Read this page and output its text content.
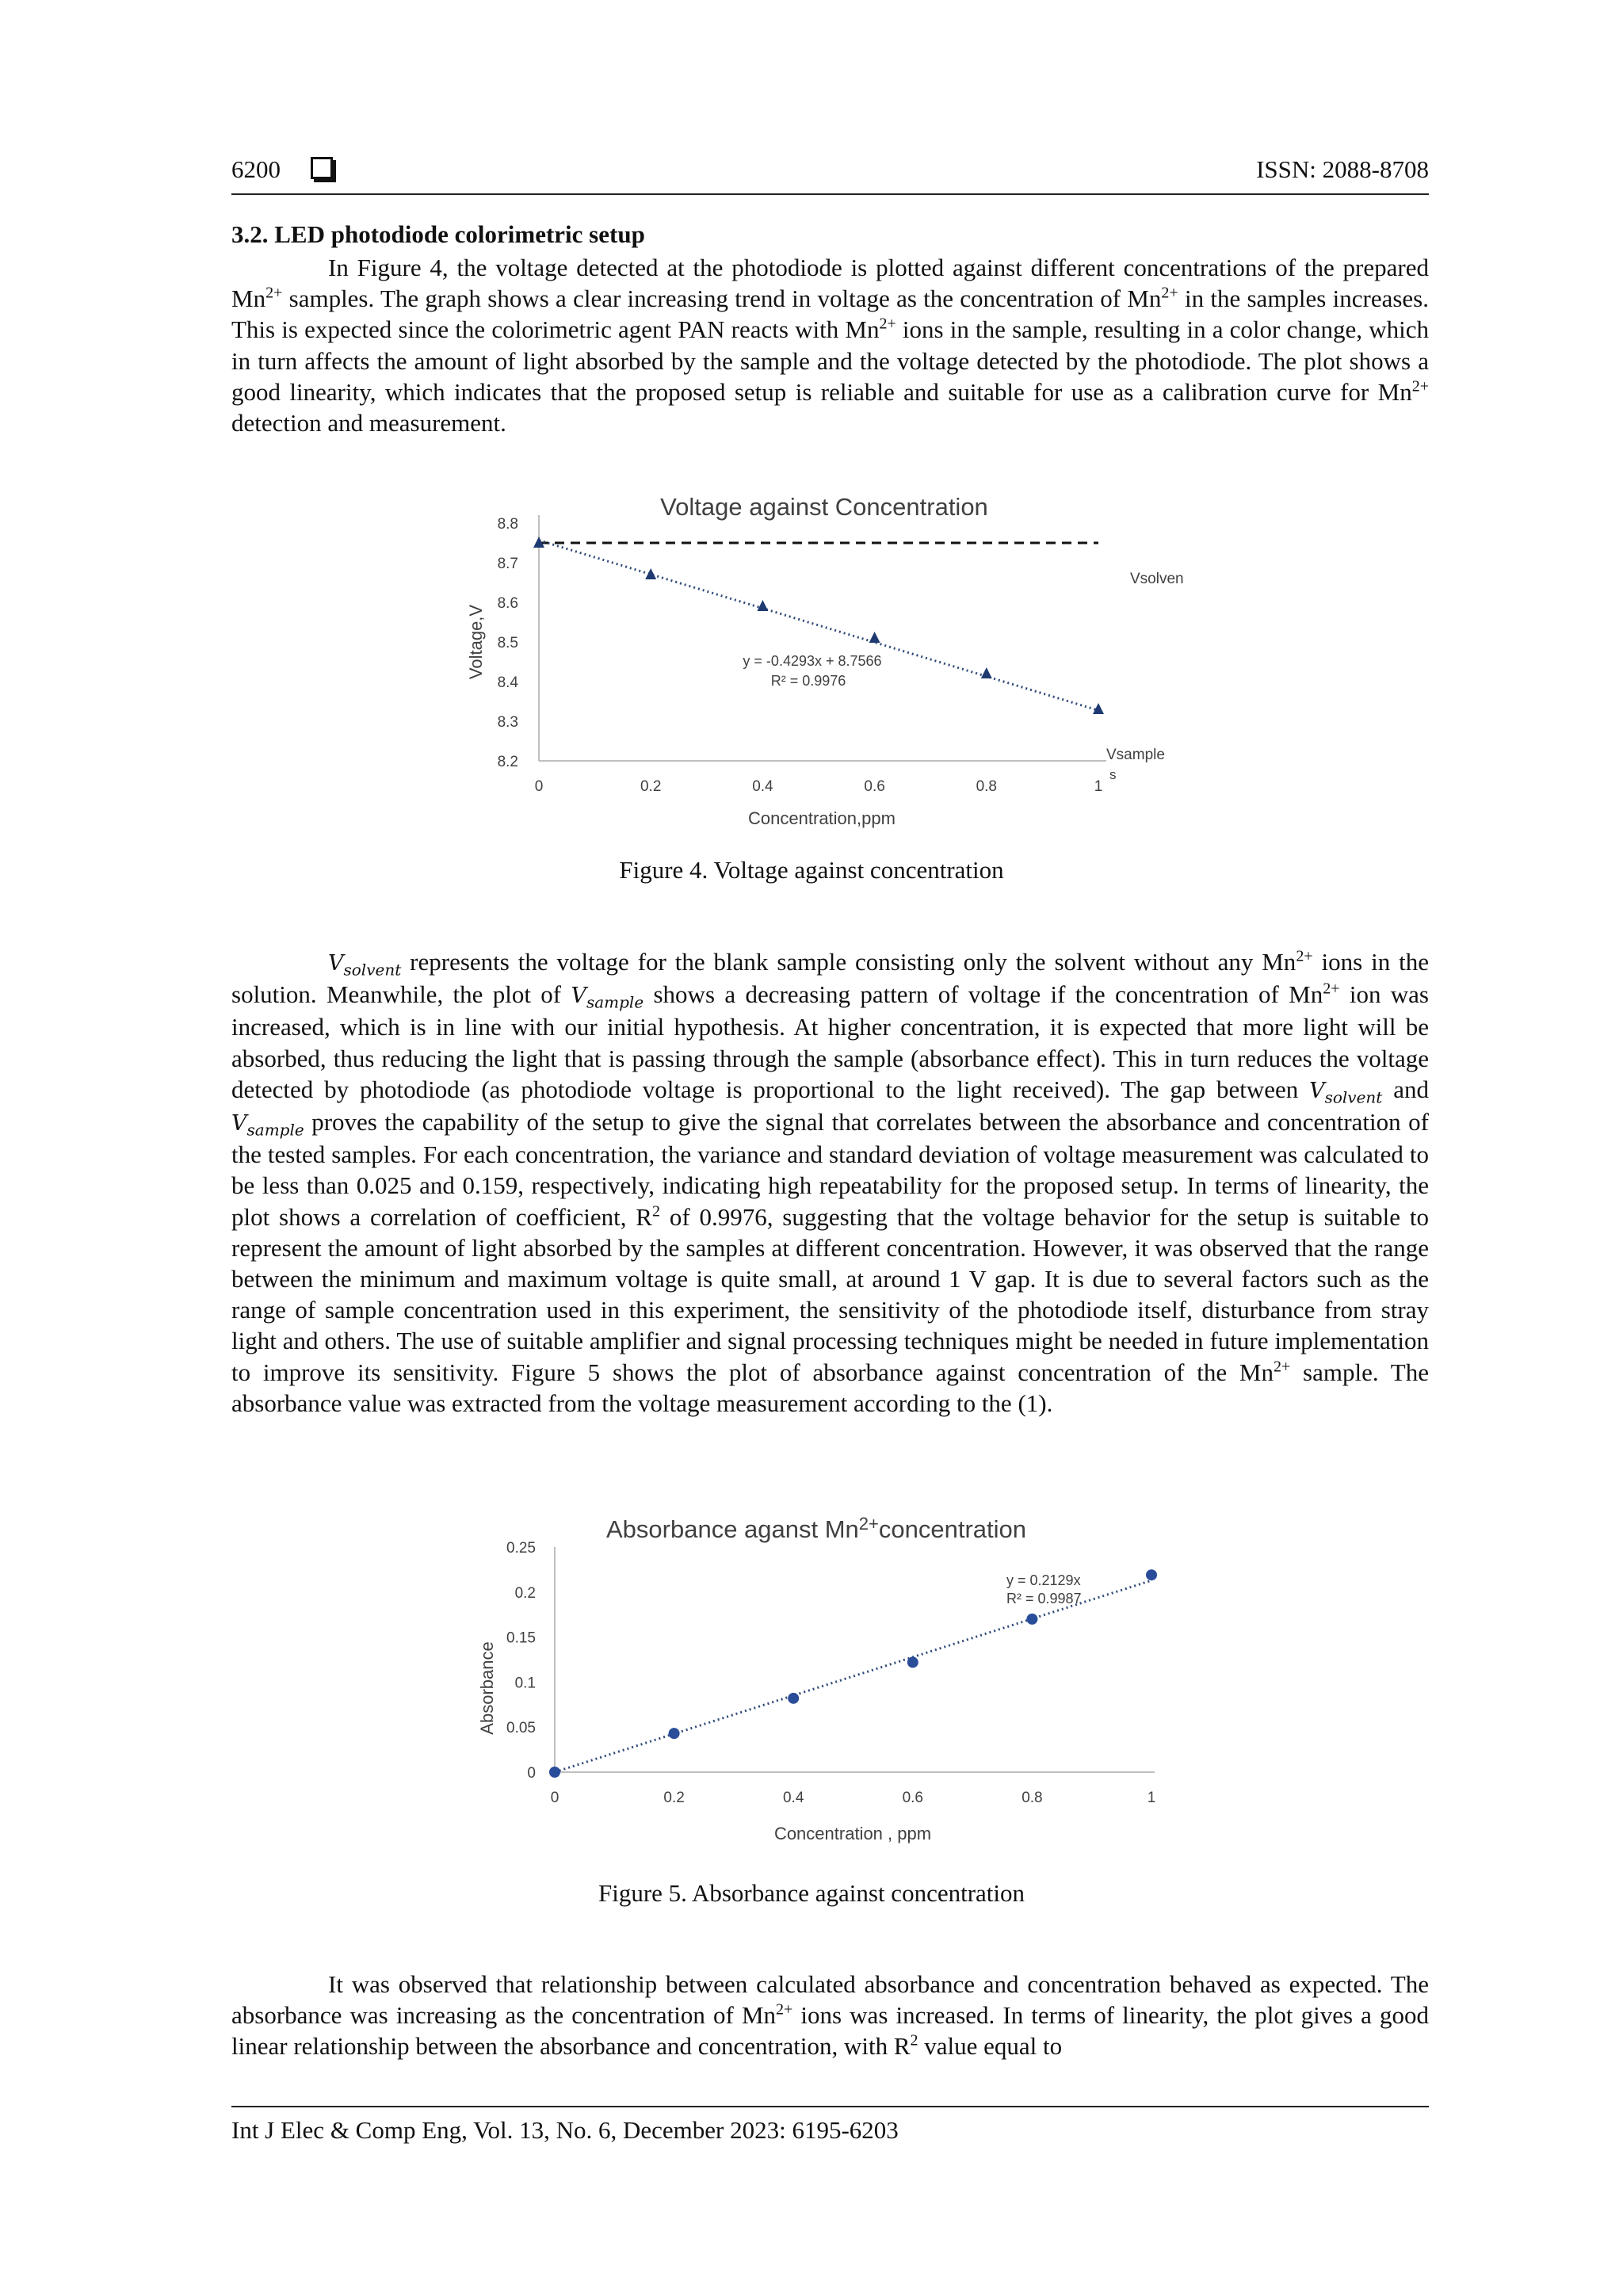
6200	ISSN: 2088-8708
3.2. LED photodiode colorimetric setup

In Figure 4, the voltage detected at the photodiode is plotted against different concentrations of the prepared $Mn^{2+}$ samples. The graph shows a clear increasing trend in voltage as the concentration of $Mn^{2+}$ in the samples increases. This is expected since the colorimetric agent PAN reacts with $Mn^{2+}$ ions in the sample, resulting in a color change, which in turn affects the amount of light absorbed by the sample and the voltage detected by the photodiode. The plot shows a good linearity, which indicates that the proposed setup is reliable and suitable for use as a calibration curve for $Mn^{2+}$ detection and measurement.

Voltage against Concentration
8.2
8.3
8.4
8.5
8.6
8.7
8.8
0	0.2	0.4	0.6	0.8	1
y = -0.4293x + 8.7566
R² = 0.9976
Vsolven
Vsample
s
Concentration,ppm
Voltage,V
Figure 4. Voltage against concentration

$V_{solvent}$ represents the voltage for the blank sample consisting only the solvent without any $Mn^{2+}$ ions in the solution. Meanwhile, the plot of $V_{sample}$ shows a decreasing pattern of voltage if the concentration of $Mn^{2+}$ ion was increased, which is in line with our initial hypothesis. At higher concentration, it is expected that more light will be absorbed, thus reducing the light that is passing through the sample (absorbance effect). This in turn reduces the voltage detected by photodiode (as photodiode voltage is proportional to the light received). The gap between $V_{solvent}$ and $V_{sample}$ proves the capability of the setup to give the signal that correlates between the absorbance and concentration of the tested samples. For each concentration, the variance and standard deviation of voltage measurement was calculated to be less than 0.025 and 0.159, respectively, indicating high repeatability for the proposed setup. In terms of linearity, the plot shows a correlation of coefficient, $R^2$ of 0.9976, suggesting that the voltage behavior for the setup is suitable to represent the amount of light absorbed by the samples at different concentration. However, it was observed that the range between the minimum and maximum voltage is quite small, at around 1 V gap. It is due to several factors such as the range of sample concentration used in this experiment, the sensitivity of the photodiode itself, disturbance from stray light and others. The use of suitable amplifier and signal processing techniques might be needed in future implementation to improve its sensitivity. Figure 5 shows the plot of absorbance against concentration of the $Mn^{2+}$ sample. The absorbance value was extracted from the voltage measurement according to the (1).

Absorbance aganst $Mn^{2+}concentration$
0
0.05
0.1
0.15
0.2
0.25
0	0.2	0.4	0.6	0.8	1
y = 0.2129x
R² = 0.9987
Concentration , ppm
Absorbance
Figure 5. Absorbance against concentration

It was observed that relationship between calculated absorbance and concentration behaved as expected. The absorbance was increasing as the concentration of $Mn^{2+}$ ions was increased. In terms of linearity, the plot gives a good linear relationship between the absorbance and concentration, with $R^2$ value equal to

Int J Elec & Comp Eng, Vol. 13, No. 6, December 2023: 6195-6203
